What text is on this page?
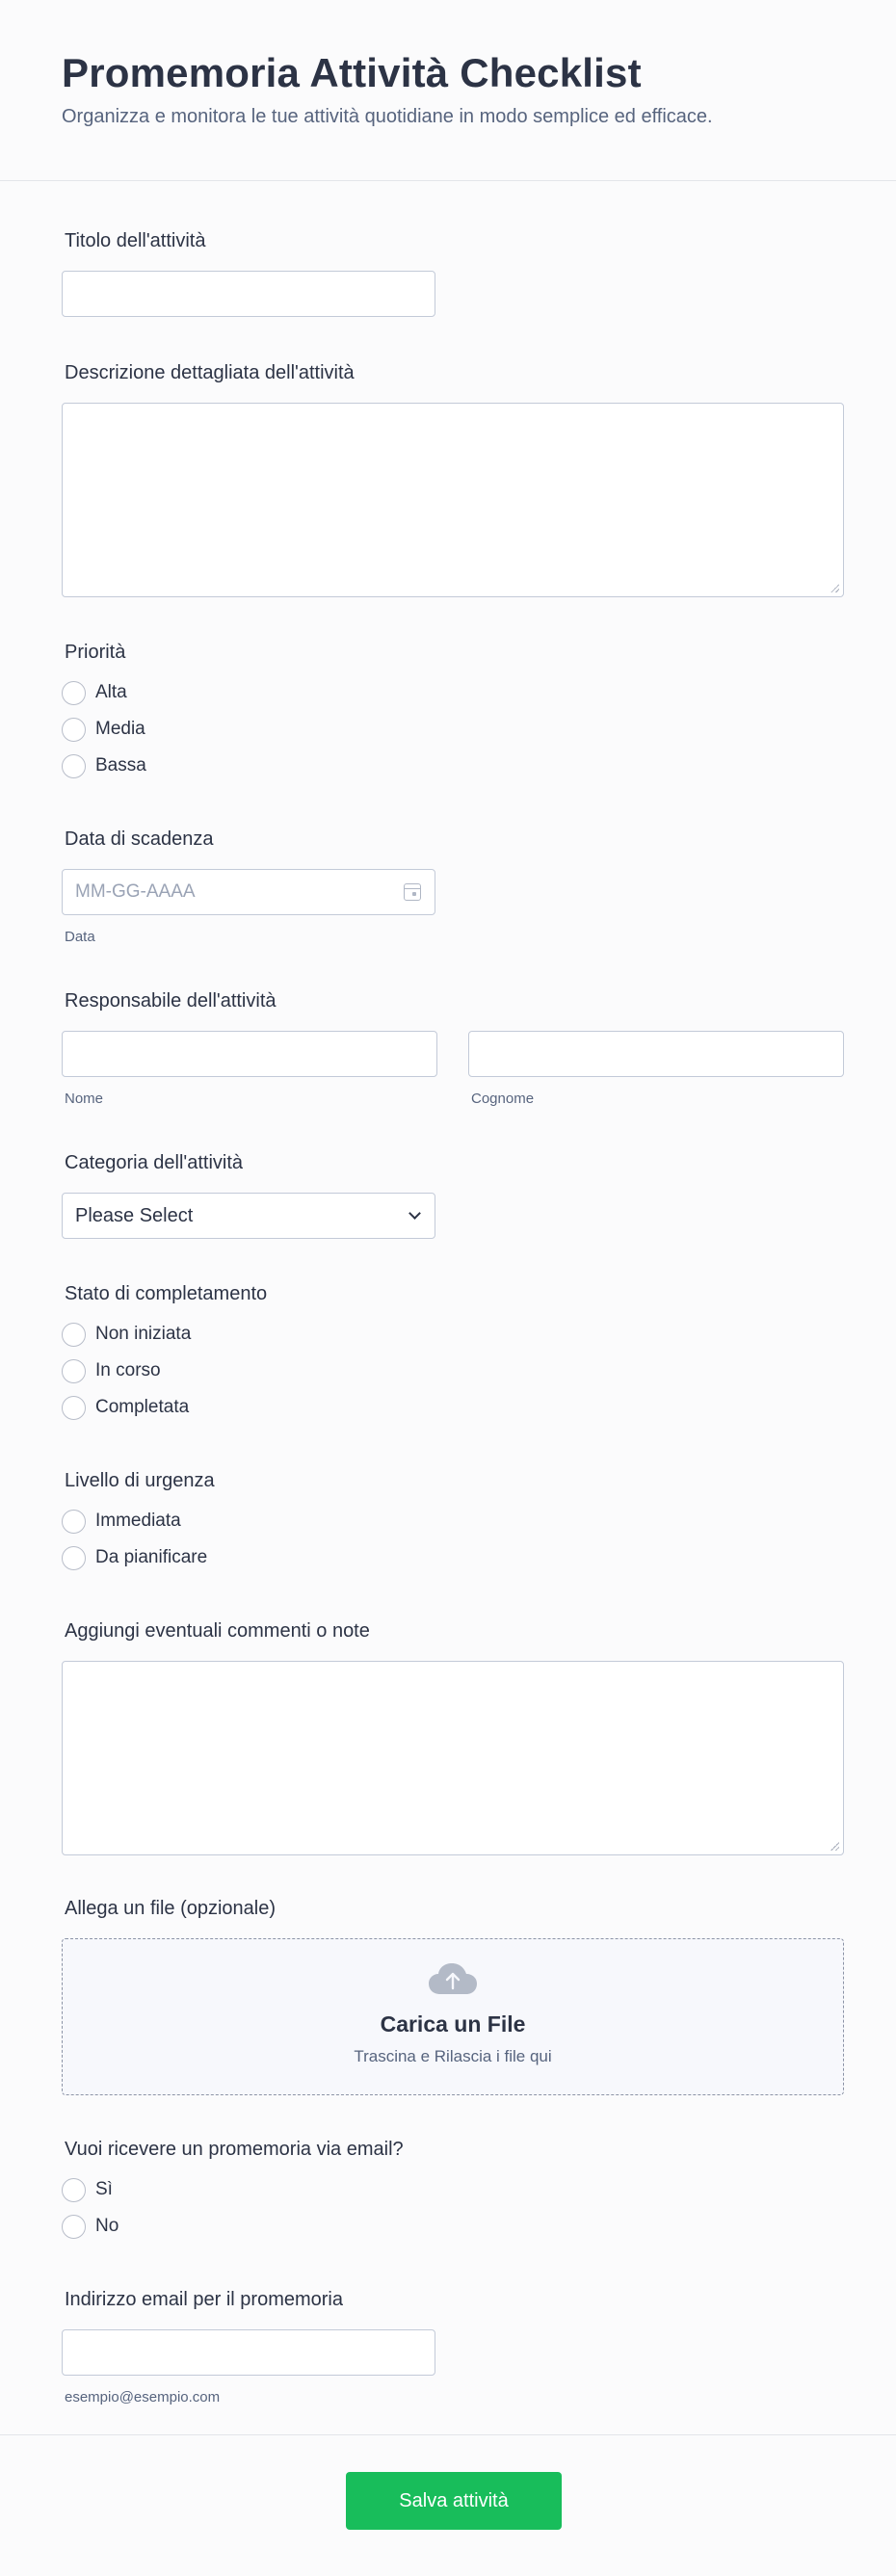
Promemoria Attività Checklist
Organizza e monitora le tue attività quotidiane in modo semplice ed efficace.
Titolo dell'attività
Descrizione dettagliata dell'attività
Priorità
Alta
Media
Bassa
Data di scadenza
MM-GG-AAAA
Data
Responsabile dell'attività
Nome	Cognome
Categoria dell'attività
Please Select
Stato di completamento
Non iniziata
In corso
Completata
Livello di urgenza
Immediata
Da pianificare
Aggiungi eventuali commenti o note
Allega un file (opzionale)
Carica un File
Trascina e Rilascia i file qui
Vuoi ricevere un promemoria via email?
Sì
No
Indirizzo email per il promemoria
esempio@esempio.com
Salva attività
